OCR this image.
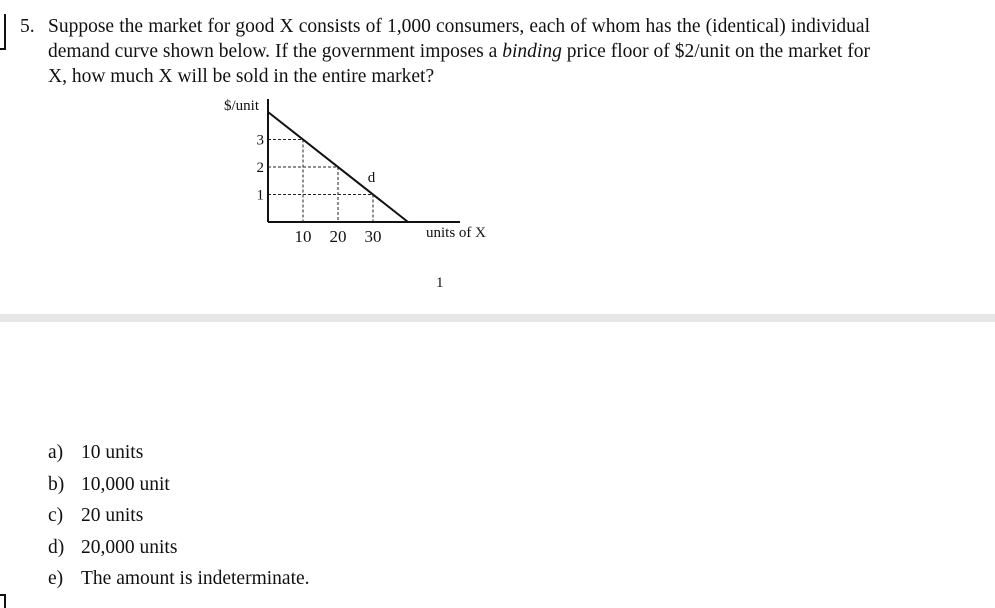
5. Suppose the market for good X consists of 1,000 consumers, each of whom has the (identical) individual demand curve shown below. If the government imposes a binding price floor of $2/unit on the market for X, how much X will be sold in the entire market?
$/unit
d
1
2
3
10 20 30	units of X
1
a) 10 units
b) 10,000 unit
c) 20 units
d) 20,000 units
e) The amount is indeterminate.
